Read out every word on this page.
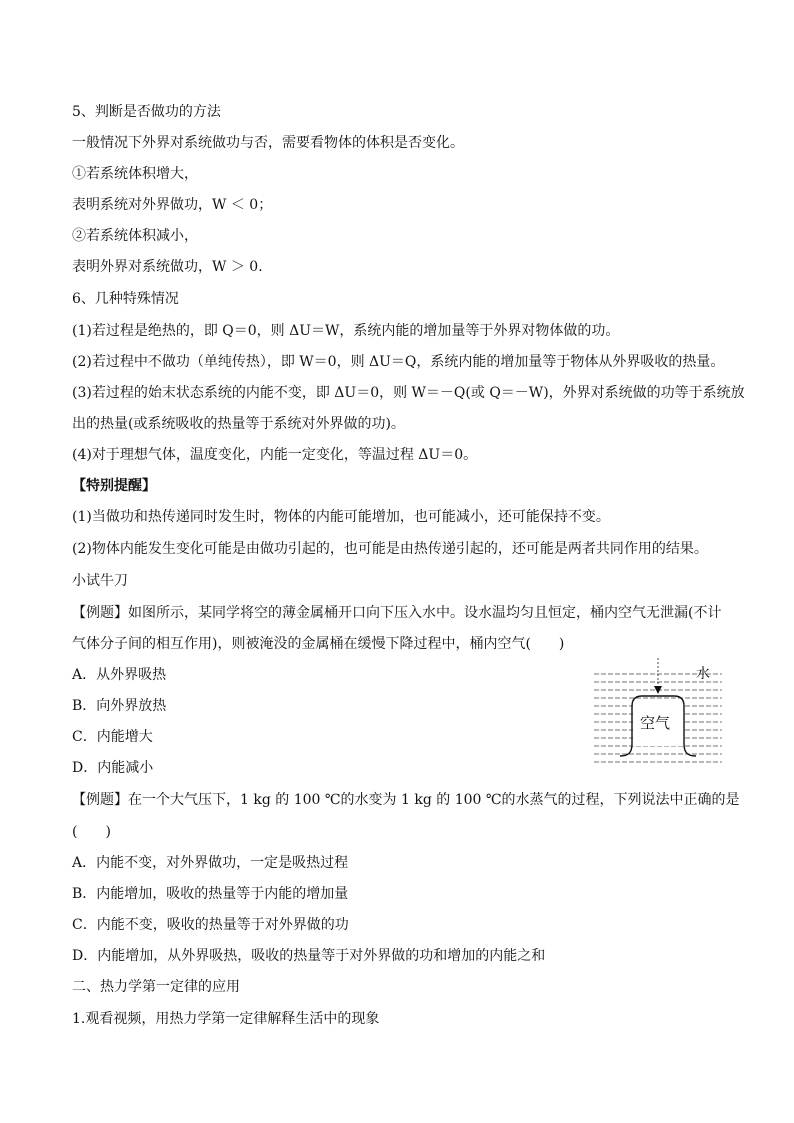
5、判断是否做功的方法
一般情况下外界对系统做功与否，需要看物体的体积是否变化。
①若系统体积增大，
表明系统对外界做功，W ＜ 0；
②若系统体积减小，
表明外界对系统做功，W ＞ 0．
6、几种特殊情况
(1)若过程是绝热的，即 Q＝0，则 ΔU＝W，系统内能的增加量等于外界对物体做的功。
(2)若过程中不做功（单纯传热），即 W＝0，则 ΔU＝Q，系统内能的增加量等于物体从外界吸收的热量。
(3)若过程的始末状态系统的内能不变，即 ΔU＝0，则 W＝－Q(或 Q＝－W)，外界对系统做的功等于系统放
出的热量(或系统吸收的热量等于系统对外界做的功)。
(4)对于理想气体，温度变化，内能一定变化，等温过程 ΔU＝0。
【特别提醒】
(1)当做功和热传递同时发生时，物体的内能可能增加，也可能减小，还可能保持不变。
(2)物体内能发生变化可能是由做功引起的，也可能是由热传递引起的，还可能是两者共同作用的结果。
小试牛刀
【例题】如图所示，某同学将空的薄金属桶开口向下压入水中。设水温均匀且恒定，桶内空气无泄漏(不计
气体分子间的相互作用)，则被淹没的金属桶在缓慢下降过程中，桶内空气(　　)
A．从外界吸热
B．向外界放热
C．内能增大
D．内能减小
水
空气
【例题】在一个大气压下，1 kg 的 100 ℃的水变为 1 kg 的 100 ℃的水蒸气的过程，下列说法中正确的是
(　　)
A．内能不变，对外界做功，一定是吸热过程
B．内能增加，吸收的热量等于内能的增加量
C．内能不变，吸收的热量等于对外界做的功
D．内能增加，从外界吸热，吸收的热量等于对外界做的功和增加的内能之和
二、热力学第一定律的应用
1.观看视频，用热力学第一定律解释生活中的现象
